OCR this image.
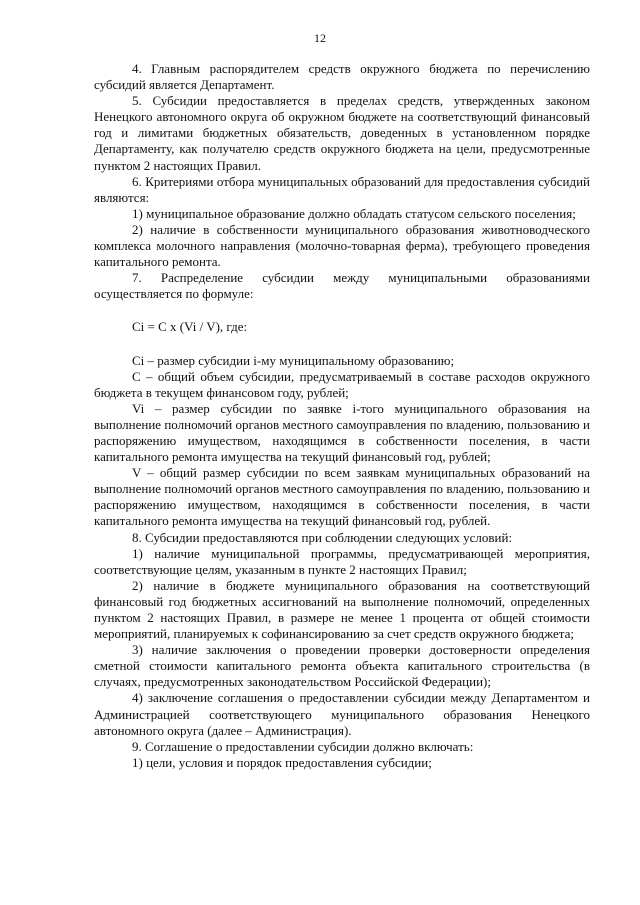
12

4. Главным распорядителем средств окружного бюджета по перечислению субсидий является Департамент.

5. Субсидии предоставляется в пределах средств, утвержденных законом Ненецкого автономного округа об окружном бюджете на соответствующий финансовый год и лимитами бюджетных обязательств, доведенных в установленном порядке Департаменту, как получателю средств окружного бюджета на цели, предусмотренные пунктом 2 настоящих Правил.

6. Критериями отбора муниципальных образований для предоставления субсидий являются:

1) муниципальное образование должно обладать статусом сельского поселения;

2) наличие в собственности муниципального образования животноводческого комплекса молочного направления (молочно-товарная ферма), требующего проведения капитального ремонта.

7. Распределение субсидии между муниципальными образованиями осуществляется по формуле:

Ci = C x (Vi / V), где:

Ci – размер субсидии i-му муниципальному образованию;

C – общий объем субсидии, предусматриваемый в составе расходов окружного бюджета в текущем финансовом году, рублей;

Vi – размер субсидии по заявке i-того муниципального образования на выполнение полномочий органов местного самоуправления по владению, пользованию и распоряжению имуществом, находящимся в собственности поселения, в части капитального ремонта имущества на текущий финансовый год, рублей;

V – общий размер субсидии по всем заявкам муниципальных образований на выполнение полномочий органов местного самоуправления по владению, пользованию и распоряжению имуществом, находящимся в собственности поселения, в части капитального ремонта имущества на текущий финансовый год, рублей.

8. Субсидии предоставляются при соблюдении следующих условий:

1) наличие муниципальной программы, предусматривающей мероприятия, соответствующие целям, указанным в пункте 2 настоящих Правил;

2) наличие в бюджете муниципального образования на соответствующий финансовый год бюджетных ассигнований на выполнение полномочий, определенных пунктом 2 настоящих Правил, в размере не менее 1 процента от общей стоимости мероприятий, планируемых к софинансированию за счет средств окружного бюджета;

3) наличие заключения о проведении проверки достоверности определения сметной стоимости капитального ремонта объекта капитального строительства (в случаях, предусмотренных законодательством Российской Федерации);

4) заключение соглашения о предоставлении субсидии между Департаментом и Администрацией соответствующего муниципального образования Ненецкого автономного округа (далее – Администрация).

9. Соглашение о предоставлении субсидии должно включать:

1) цели, условия и порядок предоставления субсидии;
